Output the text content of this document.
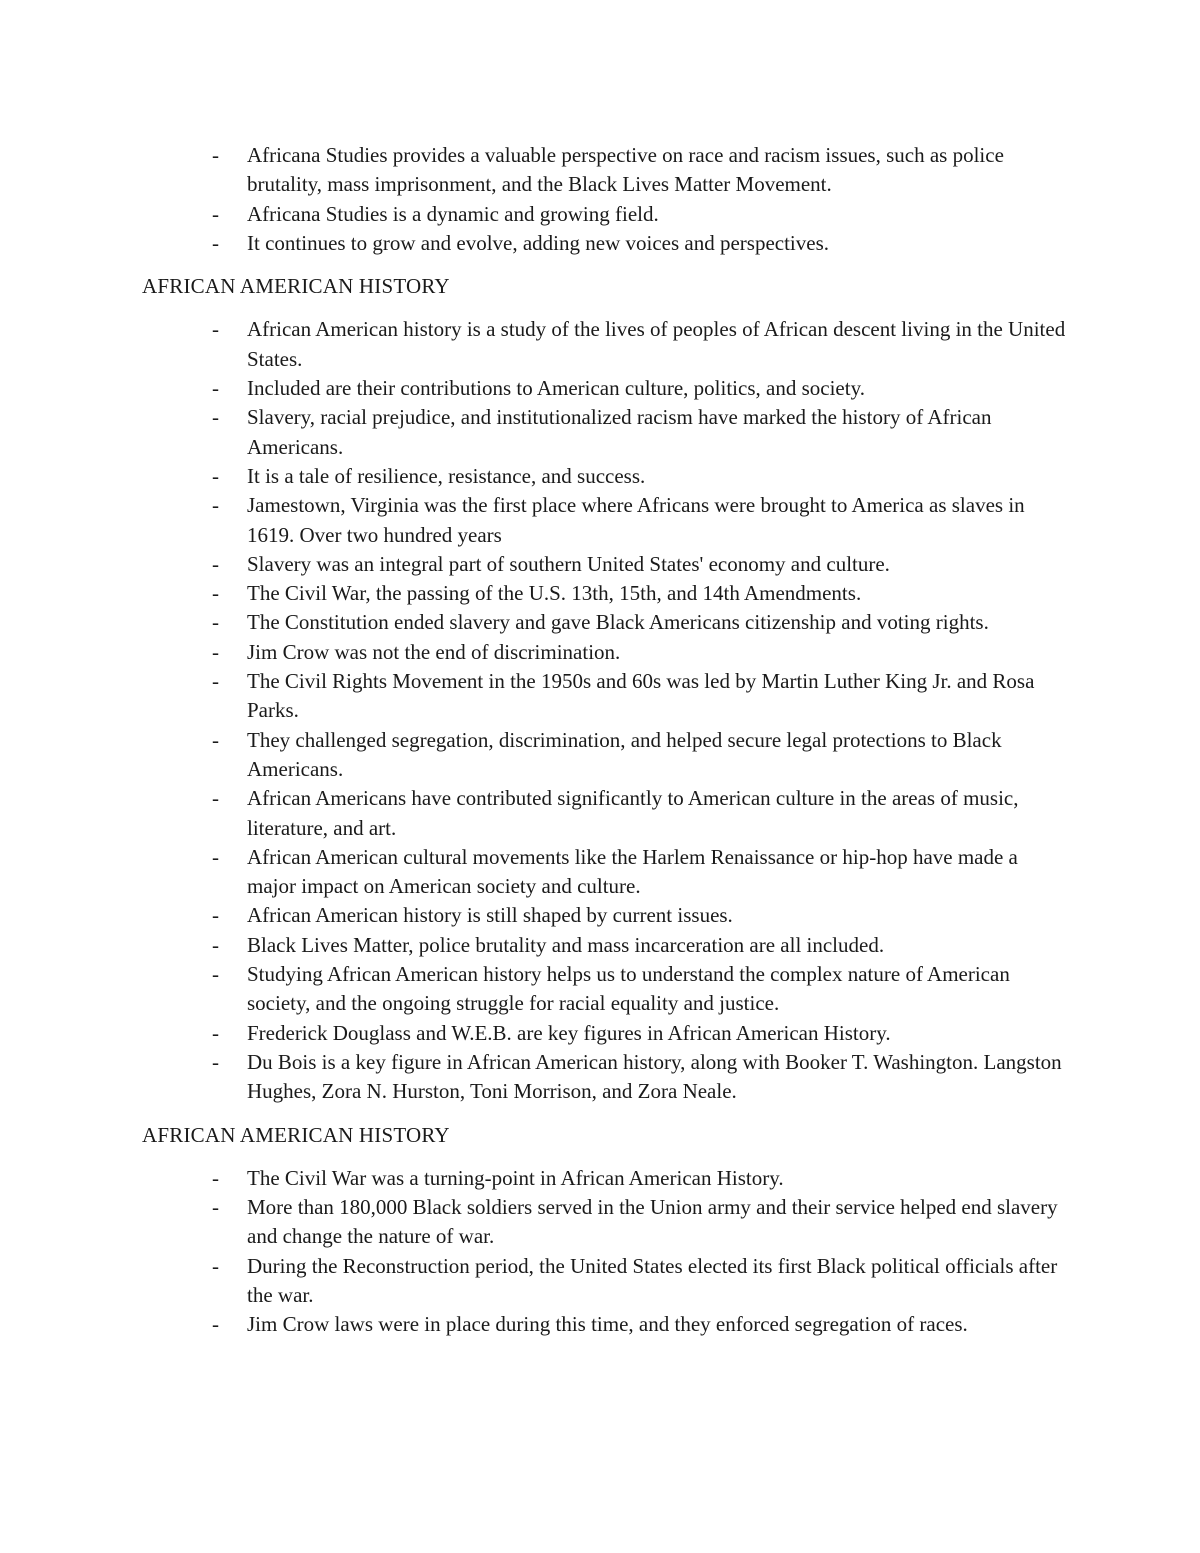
- Africana Studies provides a valuable perspective on race and racism issues, such as police brutality, mass imprisonment, and the Black Lives Matter Movement.
- Africana Studies is a dynamic and growing field.
- It continues to grow and evolve, adding new voices and perspectives.
AFRICAN AMERICAN HISTORY
- African American history is a study of the lives of peoples of African descent living in the United States.
- Included are their contributions to American culture, politics, and society.
- Slavery, racial prejudice, and institutionalized racism have marked the history of African Americans.
- It is a tale of resilience, resistance, and success.
- Jamestown, Virginia was the first place where Africans were brought to America as slaves in 1619. Over two hundred years
- Slavery was an integral part of southern United States' economy and culture.
- The Civil War, the passing of the U.S. 13th, 15th, and 14th Amendments.
- The Constitution ended slavery and gave Black Americans citizenship and voting rights.
- Jim Crow was not the end of discrimination.
- The Civil Rights Movement in the 1950s and 60s was led by Martin Luther King Jr. and Rosa Parks.
- They challenged segregation, discrimination, and helped secure legal protections to Black Americans.
- African Americans have contributed significantly to American culture in the areas of music, literature, and art.
- African American cultural movements like the Harlem Renaissance or hip-hop have made a major impact on American society and culture.
- African American history is still shaped by current issues.
- Black Lives Matter, police brutality and mass incarceration are all included.
- Studying African American history helps us to understand the complex nature of American society, and the ongoing struggle for racial equality and justice.
- Frederick Douglass and W.E.B. are key figures in African American History.
- Du Bois is a key figure in African American history, along with Booker T. Washington. Langston Hughes, Zora N. Hurston, Toni Morrison, and Zora Neale.
AFRICAN AMERICAN HISTORY
- The Civil War was a turning-point in African American History.
- More than 180,000 Black soldiers served in the Union army and their service helped end slavery and change the nature of war.
- During the Reconstruction period, the United States elected its first Black political officials after the war.
- Jim Crow laws were in place during this time, and they enforced segregation of races.
